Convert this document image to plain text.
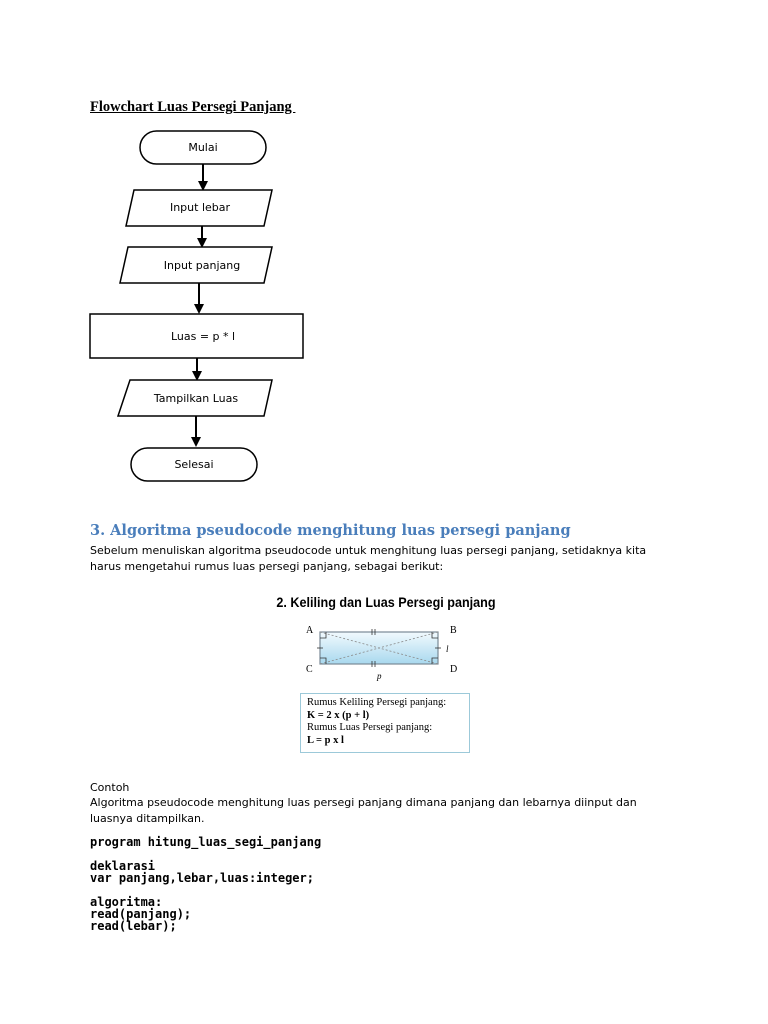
Flowchart Luas Persegi Panjang
Mulai
Input lebar
Input panjang
Luas = p * l
Tampilkan Luas
Selesai
3. Algoritma pseudocode menghitung luas persegi panjang
Sebelum menuliskan algoritma pseudocode untuk menghitung luas persegi panjang, setidaknya kita
harus mengetahui rumus luas persegi panjang, sebagai berikut:
2. Keliling dan Luas Persegi panjang
A	B
C	D
l
p
Rumus Keliling Persegi panjang:
K = 2 x (p + l)
Rumus Luas Persegi panjang:
L = p x l
Contoh
Algoritma pseudocode menghitung luas persegi panjang dimana panjang dan lebarnya diinput dan
luasnya ditampilkan.
program hitung_luas_segi_panjang
deklarasi
var panjang,lebar,luas:integer;
algoritma:
read(panjang);
read(lebar);
